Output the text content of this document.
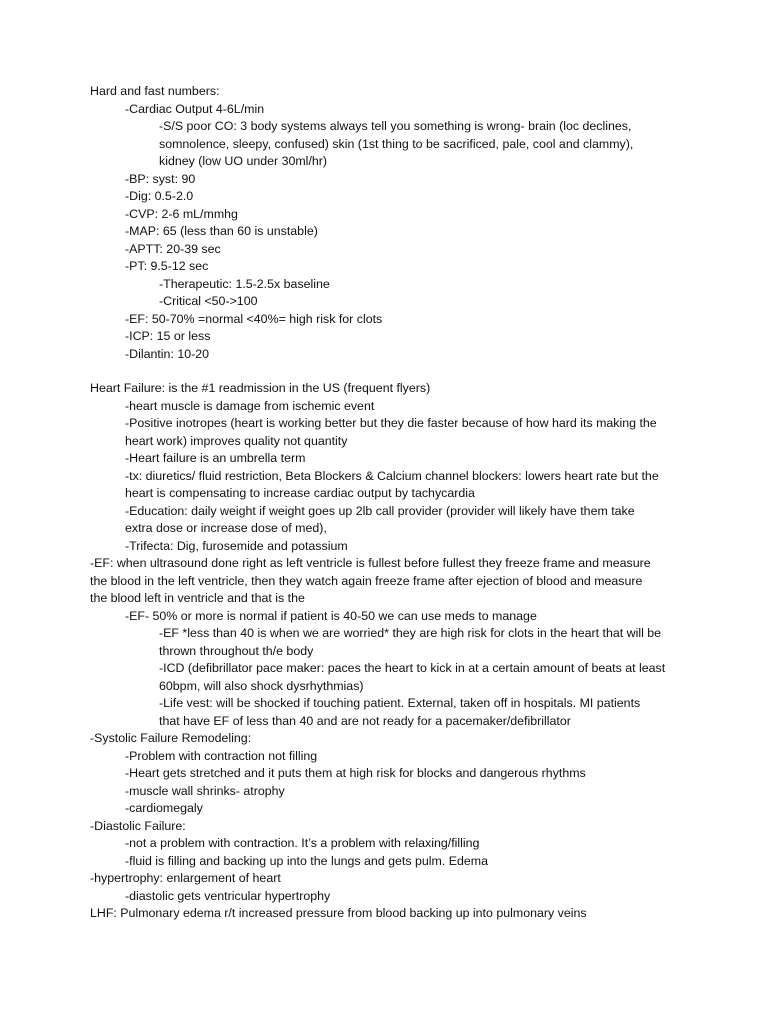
Hard and fast numbers:

-Cardiac Output 4-6L/min

-S/S poor CO: 3 body systems always tell you something is wrong- brain (loc declines,

somnolence, sleepy, confused) skin (1st thing to be sacrificed, pale, cool and clammy),

kidney (low UO under 30ml/hr)

-BP: syst: 90

-Dig: 0.5-2.0

-CVP: 2-6 mL/mmhg

-MAP: 65 (less than 60 is unstable)

-APTT: 20-39 sec

-PT: 9.5-12 sec

-Therapeutic: 1.5-2.5x baseline

-Critical <50->100

-EF: 50-70% =normal <40%= high risk for clots

-ICP: 15 or less

-Dilantin: 10-20

Heart Failure: is the #1 readmission in the US (frequent flyers)

-heart muscle is damage from ischemic event

-Positive inotropes (heart is working better but they die faster because of how hard its making the

heart work) improves quality not quantity

-Heart failure is an umbrella term

-tx: diuretics/ fluid restriction, Beta Blockers & Calcium channel blockers: lowers heart rate but the

heart is compensating to increase cardiac output by tachycardia

-Education: daily weight if weight goes up 2lb call provider (provider will likely have them take

extra dose or increase dose of med),

-Trifecta: Dig, furosemide and potassium

-EF: when ultrasound done right as left ventricle is fullest before fullest they freeze frame and measure

the blood in the left ventricle, then they watch again freeze frame after ejection of blood and measure

the blood left in ventricle and that is the

-EF- 50% or more is normal if patient is 40-50 we can use meds to manage

-EF *less than 40 is when we are worried* they are high risk for clots in the heart that will be

thrown throughout th/e body

-ICD (defibrillator pace maker: paces the heart to kick in at a certain amount of beats at least

60bpm, will also shock dysrhythmias)

-Life vest: will be shocked if touching patient. External, taken off in hospitals. MI patients

that have EF of less than 40 and are not ready for a pacemaker/defibrillator

-Systolic Failure Remodeling:

-Problem with contraction not filling

-Heart gets stretched and it puts them at high risk for blocks and dangerous rhythms

-muscle wall shrinks- atrophy

-cardiomegaly

-Diastolic Failure:

-not a problem with contraction. It’s a problem with relaxing/filling

-fluid is filling and backing up into the lungs and gets pulm. Edema

-hypertrophy: enlargement of heart

-diastolic gets ventricular hypertrophy

LHF: Pulmonary edema r/t increased pressure from blood backing up into pulmonary veins
